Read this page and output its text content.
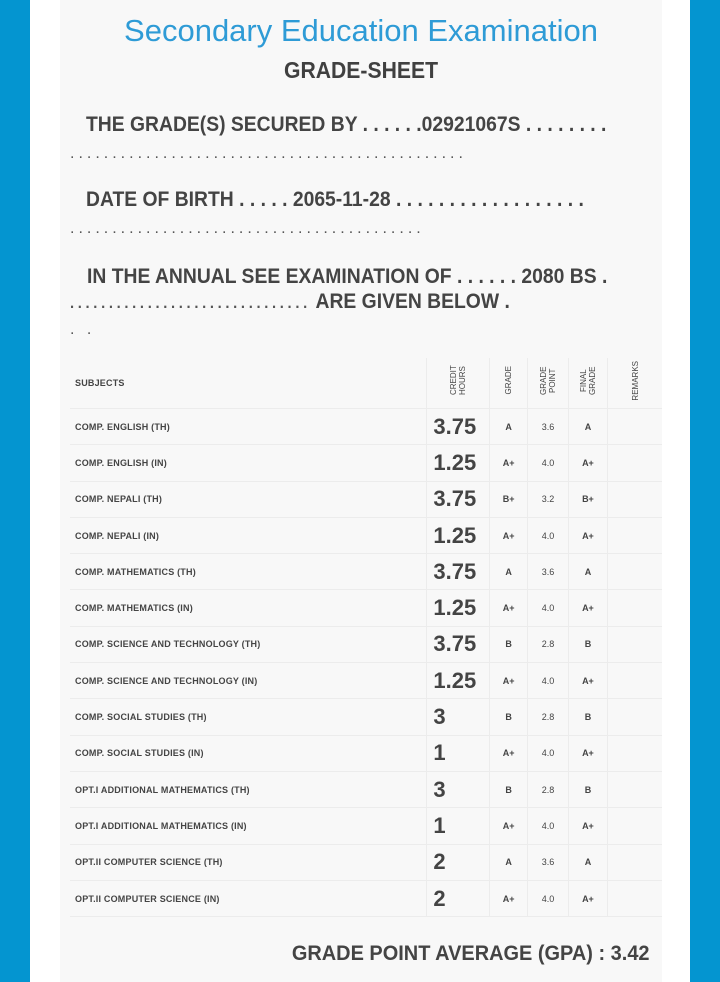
Secondary Education Examination
GRADE-SHEET
THE GRADE(S) SECURED BY . . . . . .02921067S . . . . . . . .
...............................................
DATE OF BIRTH . . . . . 2065-11-28 . . . . . . . . . . . . . . . . . .
..........................................
IN THE ANNUAL SEE EXAMINATION OF . . . . . . 2080 BS .
............................... ARE GIVEN BELOW .
. .
SUBJECTS	CREDIT HOURS	GRADE	GRADE POINT	FINAL GRADE	REMARKS
COMP. ENGLISH (TH)	3.75	A	3.6	A	
COMP. ENGLISH (IN)	1.25	A+	4.0	A+	
COMP. NEPALI (TH)	3.75	B+	3.2	B+	
COMP. NEPALI (IN)	1.25	A+	4.0	A+	
COMP. MATHEMATICS (TH)	3.75	A	3.6	A	
COMP. MATHEMATICS (IN)	1.25	A+	4.0	A+	
COMP. SCIENCE AND TECHNOLOGY (TH)	3.75	B	2.8	B	
COMP. SCIENCE AND TECHNOLOGY (IN)	1.25	A+	4.0	A+	
COMP. SOCIAL STUDIES (TH)	3	B	2.8	B	
COMP. SOCIAL STUDIES (IN)	1	A+	4.0	A+	
OPT.I ADDITIONAL MATHEMATICS (TH)	3	B	2.8	B	
OPT.I ADDITIONAL MATHEMATICS (IN)	1	A+	4.0	A+	
OPT.II COMPUTER SCIENCE (TH)	2	A	3.6	A	
OPT.II COMPUTER SCIENCE (IN)	2	A+	4.0	A+	
GRADE POINT AVERAGE (GPA) : 3.42
